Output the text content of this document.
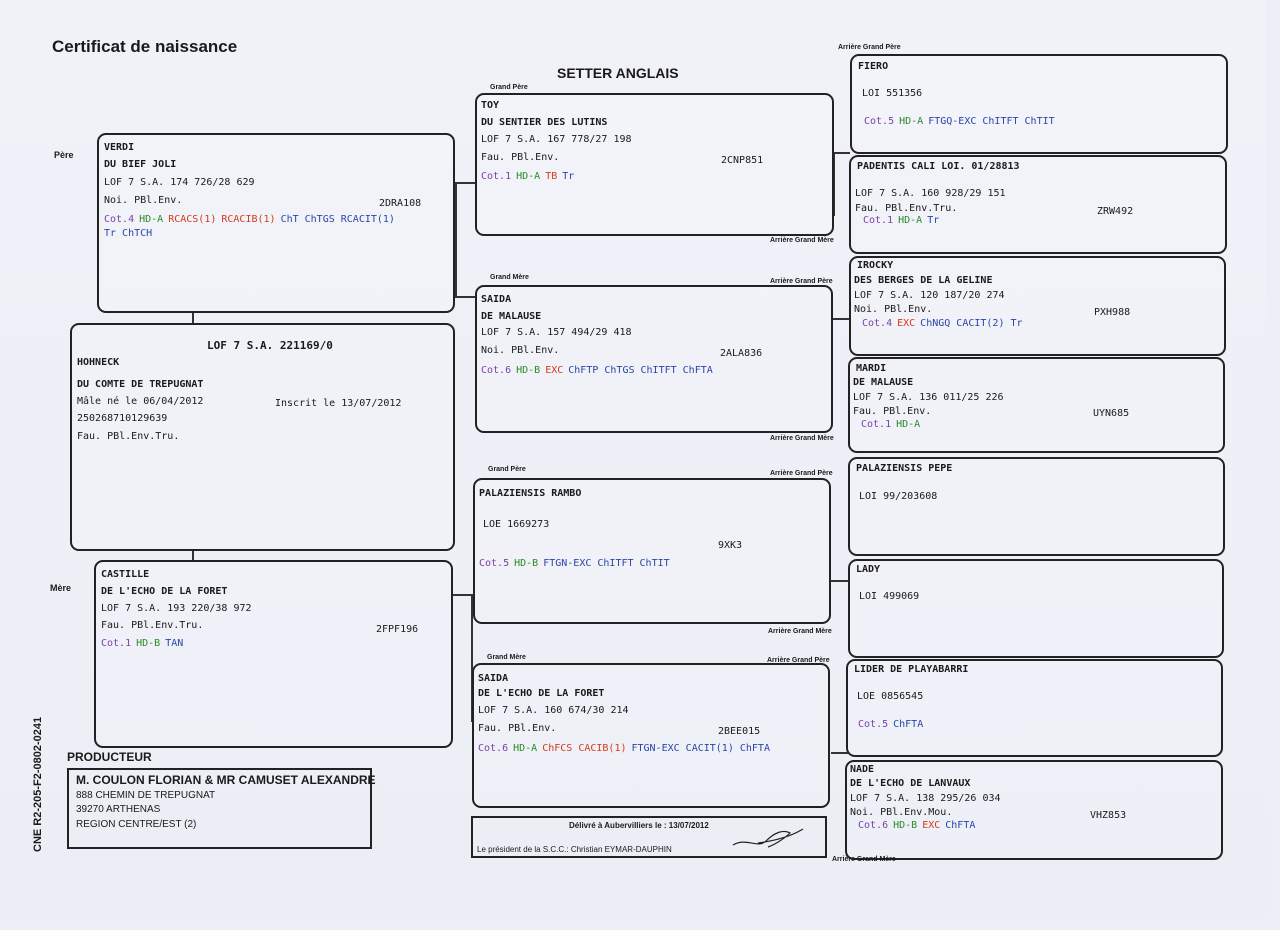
Certificat de naissance
SETTER ANGLAIS
CNE R2-205-F2-0802-0241
Père
Mère
VERDI
DU BIEF JOLI
LOF 7 S.A. 174 726/28 629
Noi. PBl.Env.	2DRA108
Cot.4 HD-A RCACS(1) RCACIB(1) ChT ChTGS RCACIT(1)
Tr ChTCH
LOF 7 S.A. 221169/0
HOHNECK
DU COMTE DE TREPUGNAT
Mâle né le 06/04/2012	Inscrit le 13/07/2012
250268710129639
Fau. PBl.Env.Tru.
CASTILLE
DE L'ECHO DE LA FORET
LOF 7 S.A. 193 220/38 972
Fau. PBl.Env.Tru.	2FPF196
Cot.1 HD-B TAN
Grand Père
TOY
DU SENTIER DES LUTINS
LOF 7 S.A. 167 778/27 198
Fau. PBl.Env.	2CNP851
Cot.1 HD-A TB Tr
Arrière Grand Mère
Grand Mère
Arrière Grand Père
SAIDA
DE MALAUSE
LOF 7 S.A. 157 494/29 418
Noi. PBl.Env.	2ALA836
Cot.6 HD-B EXC ChFTP ChTGS ChITFT ChFTA
Arrière Grand Mère
Grand Père
Arrière Grand Père
PALAZIENSIS RAMBO
LOE 1669273
9XK3
Cot.5 HD-B FTGN-EXC ChITFT ChTIT
Arrière Grand Mère
Grand Mère	Arrière Grand Père
SAIDA
DE L'ECHO DE LA FORET
LOF 7 S.A. 160 674/30 214
Fau. PBl.Env.	2BEE015
Cot.6 HD-A ChFCS CACIB(1) FTGN-EXC CACIT(1) ChFTA
Arrière Grand Père
FIERO
LOI 551356
Cot.5 HD-A FTGQ-EXC ChITFT ChTIT
PADENTIS CALI LOI. 01/28813
LOF 7 S.A. 160 928/29 151
Fau. PBl.Env.Tru.	ZRW492
Cot.1 HD-A Tr
IROCKY
DES BERGES DE LA GELINE
LOF 7 S.A. 120 187/20 274
Noi. PBl.Env.	PXH988
Cot.4 EXC ChNGQ CACIT(2) Tr
MARDI
DE MALAUSE
LOF 7 S.A. 136 011/25 226
Fau. PBl.Env.	UYN685
Cot.1 HD-A
PALAZIENSIS PEPE
LOI 99/203608
LADY
LOI 499069
LIDER DE PLAYABARRI
LOE 0856545
Cot.5 ChFTA
NADE
DE L'ECHO DE LANVAUX
LOF 7 S.A. 138 295/26 034
Noi. PBl.Env.Mou.	VHZ853
Cot.6 HD-B EXC ChFTA
Arrière Grand Mère
PRODUCTEUR
M. COULON FLORIAN & MR CAMUSET ALEXANDRE
888 CHEMIN DE TREPUGNAT
39270 ARTHENAS
REGION CENTRE/EST (2)	Délivré à Aubervilliers le : 13/07/2012
Le président de la S.C.C.: Christian EYMAR-DAUPHIN
